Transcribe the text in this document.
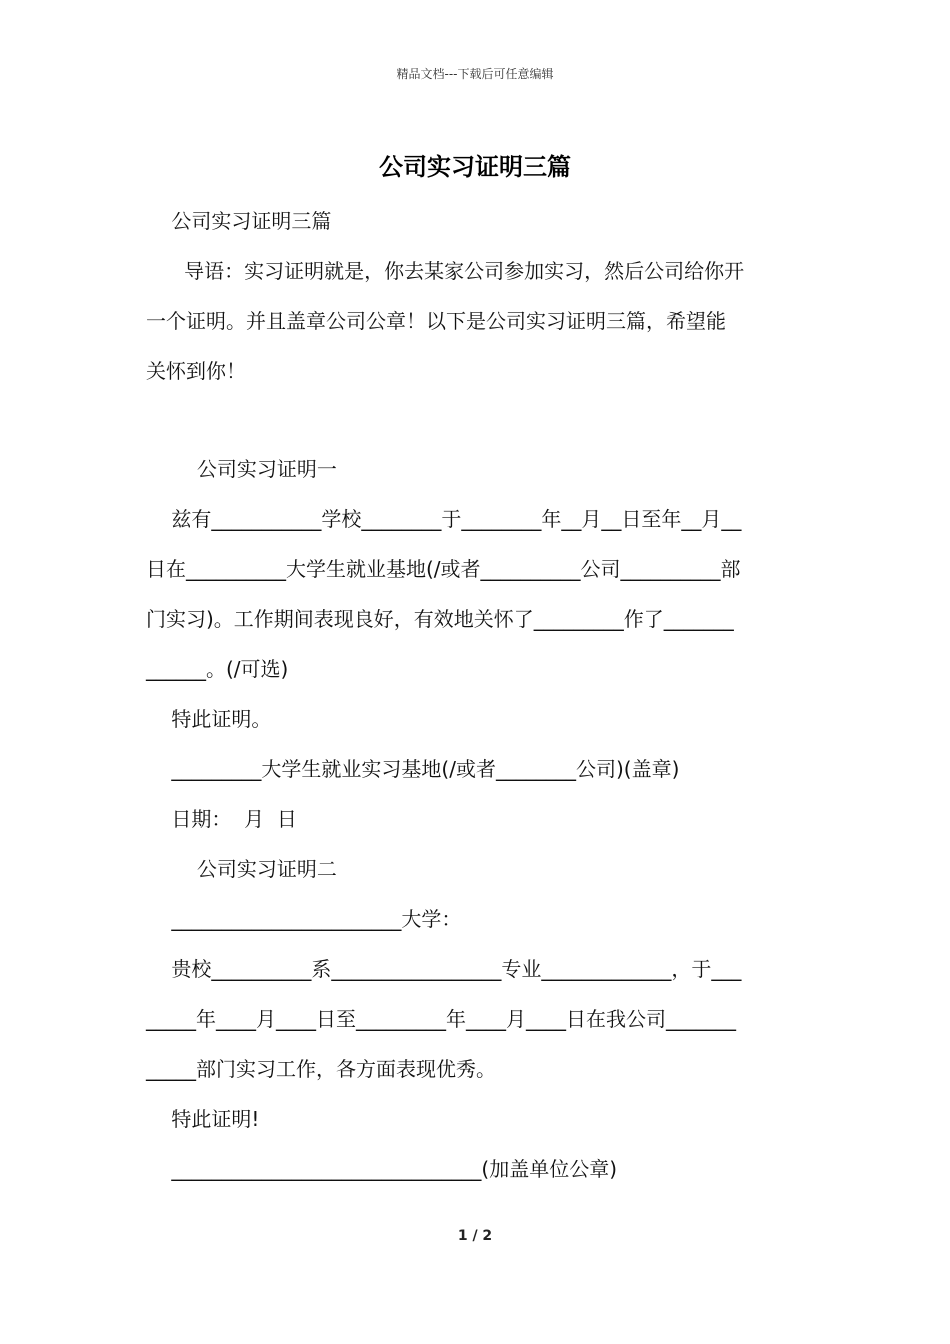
精品文档---下载后可任意编辑
公司实习证明三篇
公司实习证明三篇
导语：实习证明就是，你去某家公司参加实习，然后公司给你开
一个证明。并且盖章公司公章！以下是公司实习证明三篇，希望能
关怀到你！
公司实习证明一
兹有___________学校________于________年__月__日至年__月__
日在__________大学生就业基地(/或者__________公司__________部
门实习)。工作期间表现良好，有效地关怀了_________作了_______
______。(/可选)
特此证明。
_________大学生就业实习基地(/或者________公司)(盖章)
日期：  月  日
公司实习证明二
_______________________大学：
贵校__________系_________________专业_____________，于___
_____年____月____日至_________年____月____日在我公司_______
_____部门实习工作，各方面表现优秀。
特此证明!
_______________________________(加盖单位公章)
1 / 2
